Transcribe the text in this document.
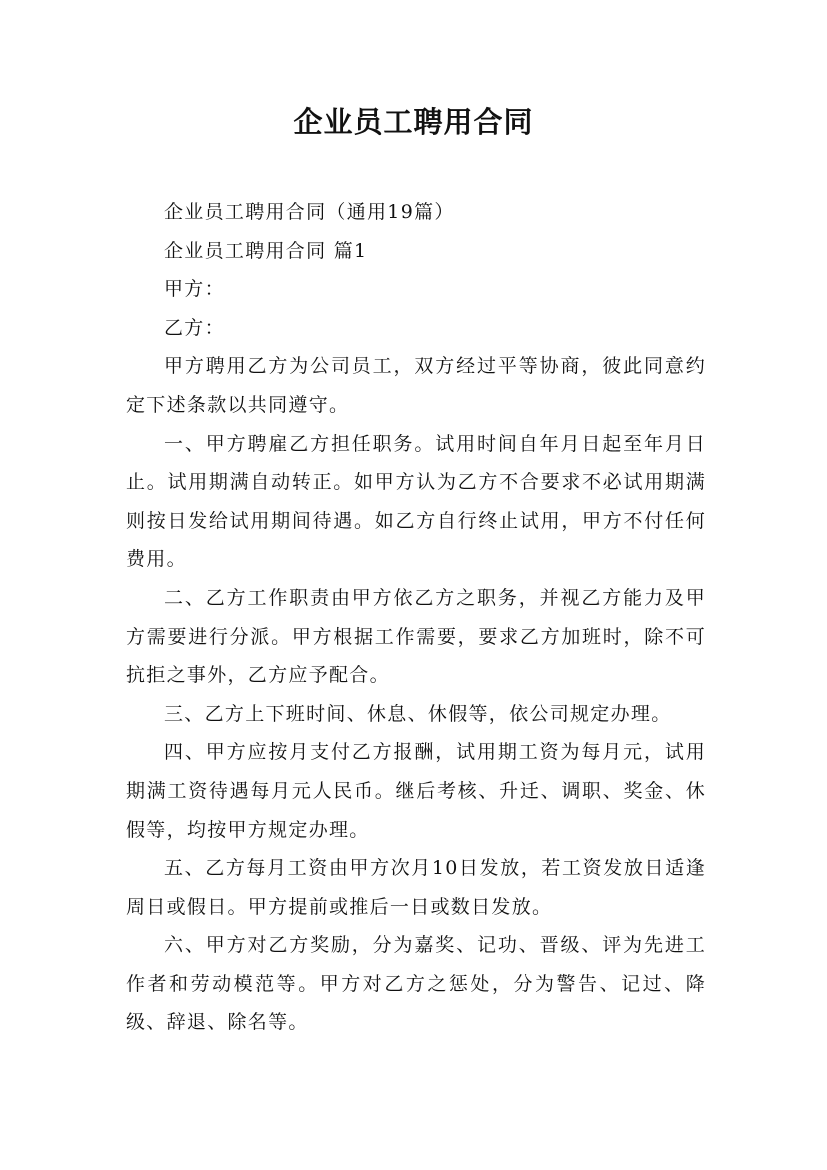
企业员工聘用合同

企业员工聘用合同（通用19篇）

企业员工聘用合同 篇1

甲方：

乙方：

甲方聘用乙方为公司员工，双方经过平等协商，彼此同意约定下述条款以共同遵守。

一、甲方聘雇乙方担任职务。试用时间自年月日起至年月日止。试用期满自动转正。如甲方认为乙方不合要求不必试用期满则按日发给试用期间待遇。如乙方自行终止试用，甲方不付任何费用。

二、乙方工作职责由甲方依乙方之职务，并视乙方能力及甲方需要进行分派。甲方根据工作需要，要求乙方加班时，除不可抗拒之事外，乙方应予配合。

三、乙方上下班时间、休息、休假等，依公司规定办理。

四、甲方应按月支付乙方报酬，试用期工资为每月元，试用期满工资待遇每月元人民币。继后考核、升迁、调职、奖金、休假等，均按甲方规定办理。

五、乙方每月工资由甲方次月10日发放，若工资发放日适逢周日或假日。甲方提前或推后一日或数日发放。

六、甲方对乙方奖励，分为嘉奖、记功、晋级、评为先进工作者和劳动模范等。甲方对乙方之惩处，分为警告、记过、降级、辞退、除名等。
